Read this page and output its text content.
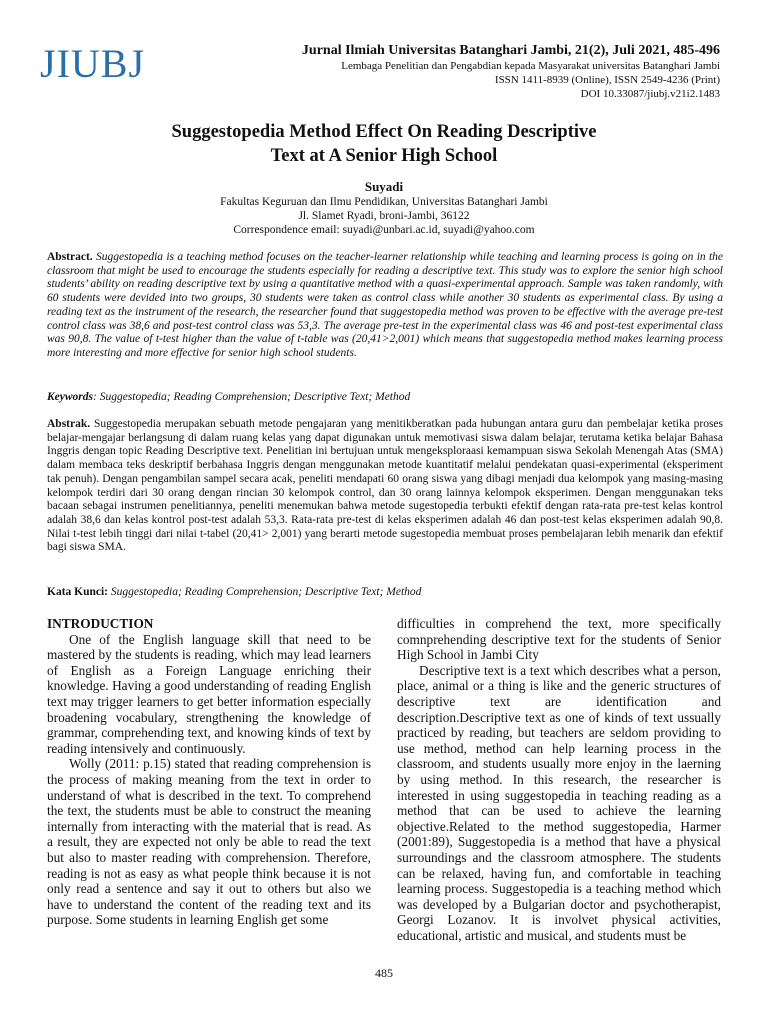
JIUBJ	Jurnal Ilmiah Universitas Batanghari Jambi, 21(2), Juli 2021, 485-496
Lembaga Penelitian dan Pengabdian kepada Masyarakat universitas Batanghari Jambi
ISSN 1411-8939 (Online), ISSN 2549-4236 (Print)
DOI 10.33087/jiubj.v21i2.1483
Suggestopedia Method Effect On Reading Descriptive
Text at A Senior High School
Suyadi
Fakultas Keguruan dan Ilmu Pendidikan, Universitas Batanghari Jambi
Jl. Slamet Ryadi, broni-Jambi, 36122
Correspondence email: suyadi@unbari.ac.id, suyadi@yahoo.com

Abstract. Suggestopedia is a teaching method focuses on the teacher-learner relationship while teaching and learning process is going on in the classroom that might be used to encourage the students especially for reading a descriptive text. This study was to explore the senior high school students’ ability on reading descriptive text by using a quantitative method with a quasi-experimental approach. Sample was taken randomly, with 60 students were devided into two groups, 30 students were taken as control class while another 30 students as experimental class. By using a reading text as the instrument of the research, the researcher found that suggestopedia method was proven to be effective with the average pre-test control class was 38,6 and post-test control class was 53,3. The average pre-test in the experimental class was 46 and post-test experimental class was 90,8. The value of t-test higher than the value of t-table was (20,41>2,001) which means that suggestopedia method makes learning process more interesting and more effective for senior high school students.

Keywords: Suggestopedia; Reading Comprehension; Descriptive Text; Method

Abstrak. Suggestopedia merupakan sebuath metode pengajaran yang menitikberatkan pada hubungan antara guru dan pembelajar ketika proses belajar-mengajar berlangsung di dalam ruang kelas yang dapat digunakan untuk memotivasi siswa dalam belajar, terutama ketika belajar Bahasa Inggris dengan topic Reading Descriptive text. Penelitian ini bertujuan untuk mengeksploraasi kemampuan siswa Sekolah Menengah Atas (SMA) dalam membaca teks deskriptif berbahasa Inggris dengan menggunakan metode kuantitatif melalui pendekatan quasi-experimental (eksperiment tak penuh). Dengan pengambilan sampel secara acak, peneliti mendapati 60 orang siswa yang dibagi menjadi dua kelompok yang masing-masing kelompok terdiri dari 30 orang dengan rincian 30 kelompok control, dan 30 orang lainnya kelompok eksperimen. Dengan menggunakan teks bacaan sebagai instrumen penelitiannya, peneliti menemukan bahwa metode sugestopedia terbukti efektif dengan rata-rata pre-test kelas kontrol adalah 38,6 dan kelas kontrol post-test adalah 53,3. Rata-rata pre-test di kelas eksperimen adalah 46 dan post-test kelas eksperimen adalah 90,8. Nilai t-test lebih tinggi dari nilai t-tabel (20,41> 2,001) yang berarti metode sugestopedia membuat proses pembelajaran lebih menarik dan efektif bagi siswa SMA.

Kata Kunci: Suggestopedia; Reading Comprehension; Descriptive Text; Method

INTRODUCTION

One of the English language skill that need to be mastered by the students is reading, which may lead learners of English as a Foreign Language enriching their knowledge. Having a good understanding of reading English text may trigger learners to get better information especially broadening vocabulary, strengthening the knowledge of grammar, comprehending text, and knowing kinds of text by reading intensively and continuously.

Wolly (2011: p.15) stated that reading comprehension is the process of making meaning from the text in order to understand of what is described in the text. To comprehend the text, the students must be able to construct the meaning internally from interacting with the material that is read. As a result, they are expected not only be able to read the text but also to master reading with comprehension. Therefore, reading is not as easy as what people think because it is not only read a sentence and say it out to others but also we have to understand the content of the reading text and its purpose. Some students in learning English get some

difficulties in comprehend the text, more specifically comnprehending descriptive text for the students of Senior High School in Jambi City

Descriptive text is a text which describes what a person, place, animal or a thing is like and the generic structures of descriptive text are identification and description.Descriptive text as one of kinds of text ussually practiced by reading, but teachers are seldom providing to use method, method can help learning process in the classroom, and students usually more enjoy in the laerning by using method. In this research, the researcher is interested in using suggestopedia in teaching reading as a method that can be used to achieve the learning objective.Related to the method suggestopedia, Harmer (2001:89), Suggestopedia is a method that have a physical surroundings and the classroom atmosphere. The students can be relaxed, having fun, and comfortable in teaching learning process. Suggestopedia is a teaching method which was developed by a Bulgarian doctor and psychotherapist, Georgi Lozanov. It is involvet physical activities, educational, artistic and musical, and students must be

485
